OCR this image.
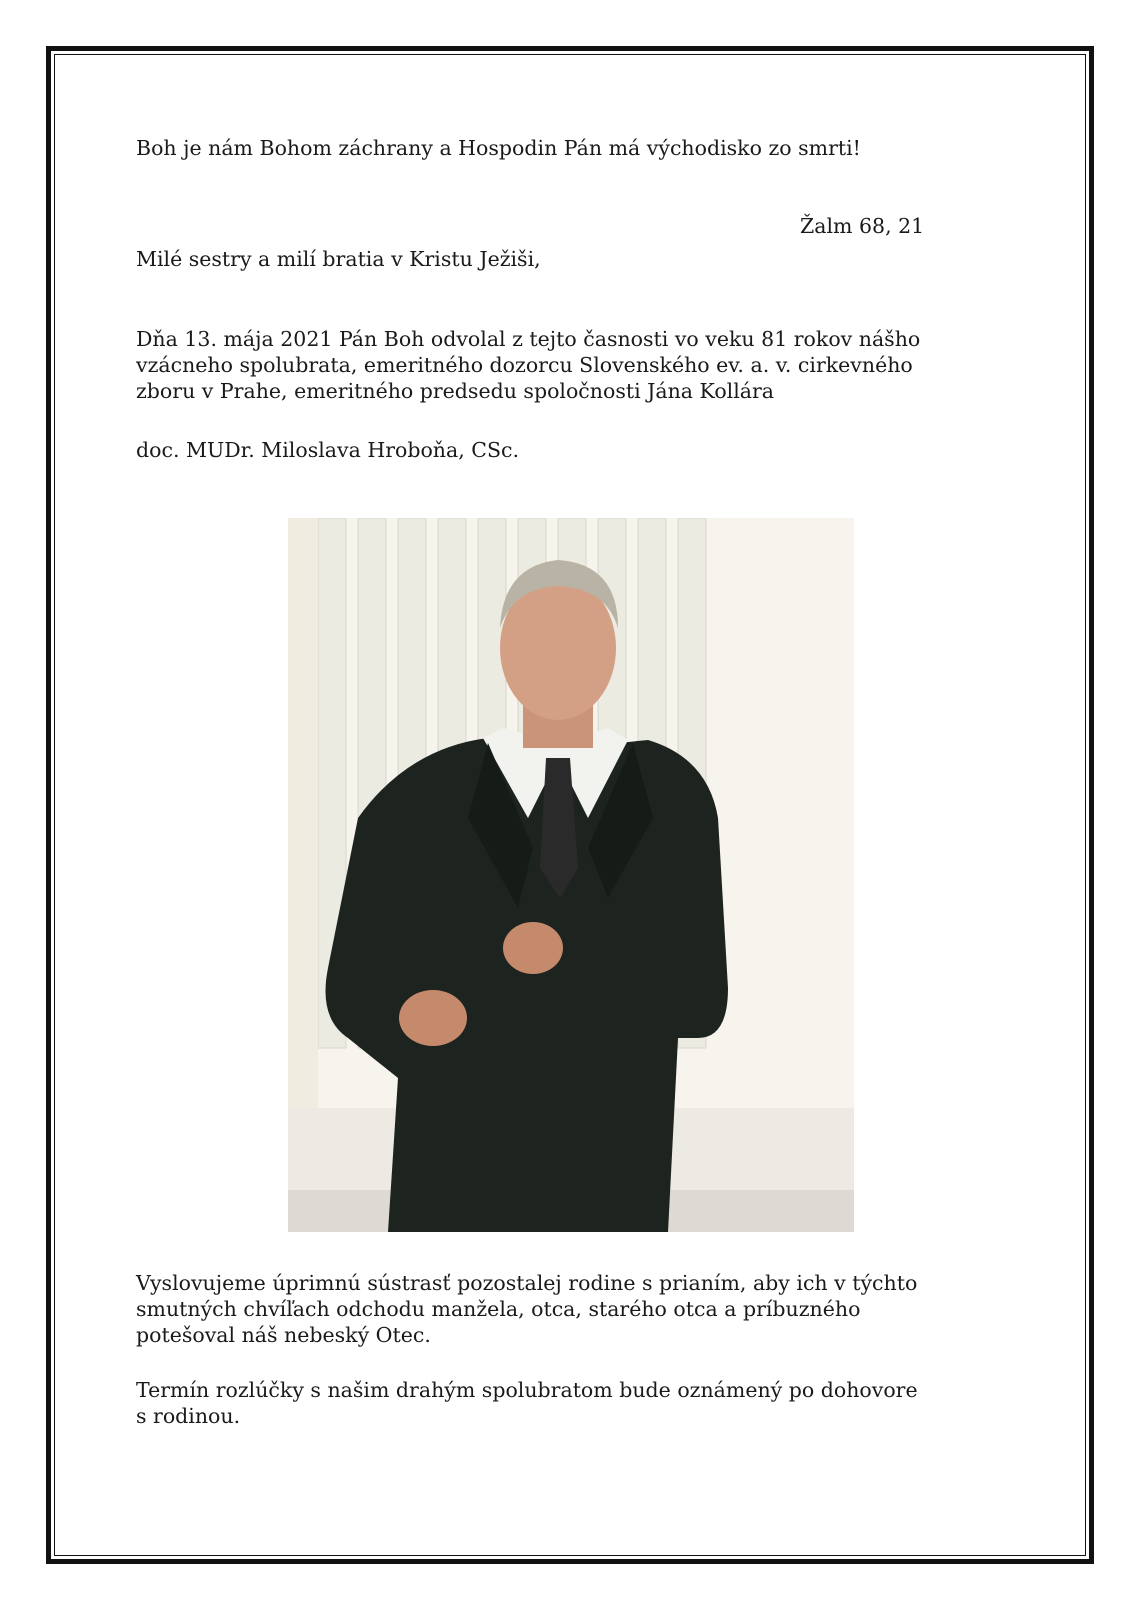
Boh je nám Bohom záchrany a Hospodin Pán má východisko zo smrti!

Žalm 68, 21

Milé sestry a milí bratia v Kristu Ježiši,

Dňa 13. mája 2021 Pán Boh odvolal z tejto časnosti vo veku 81 rokov nášho

vzácneho spolubrata, emeritného dozorcu Slovenského ev. a. v. cirkevného

zboru v Prahe, emeritného predsedu spoločnosti Jána Kollára

doc. MUDr. Miloslava Hroboňa, CSc.

Vyslovujeme úprimnú sústrasť pozostalej rodine s prianím, aby ich v týchto

smutných chvíľach odchodu manžela, otca, starého otca a príbuzného

potešoval náš nebeský Otec.

Termín rozlúčky s našim drahým spolubratom bude oznámený po dohovore

s rodinou.
